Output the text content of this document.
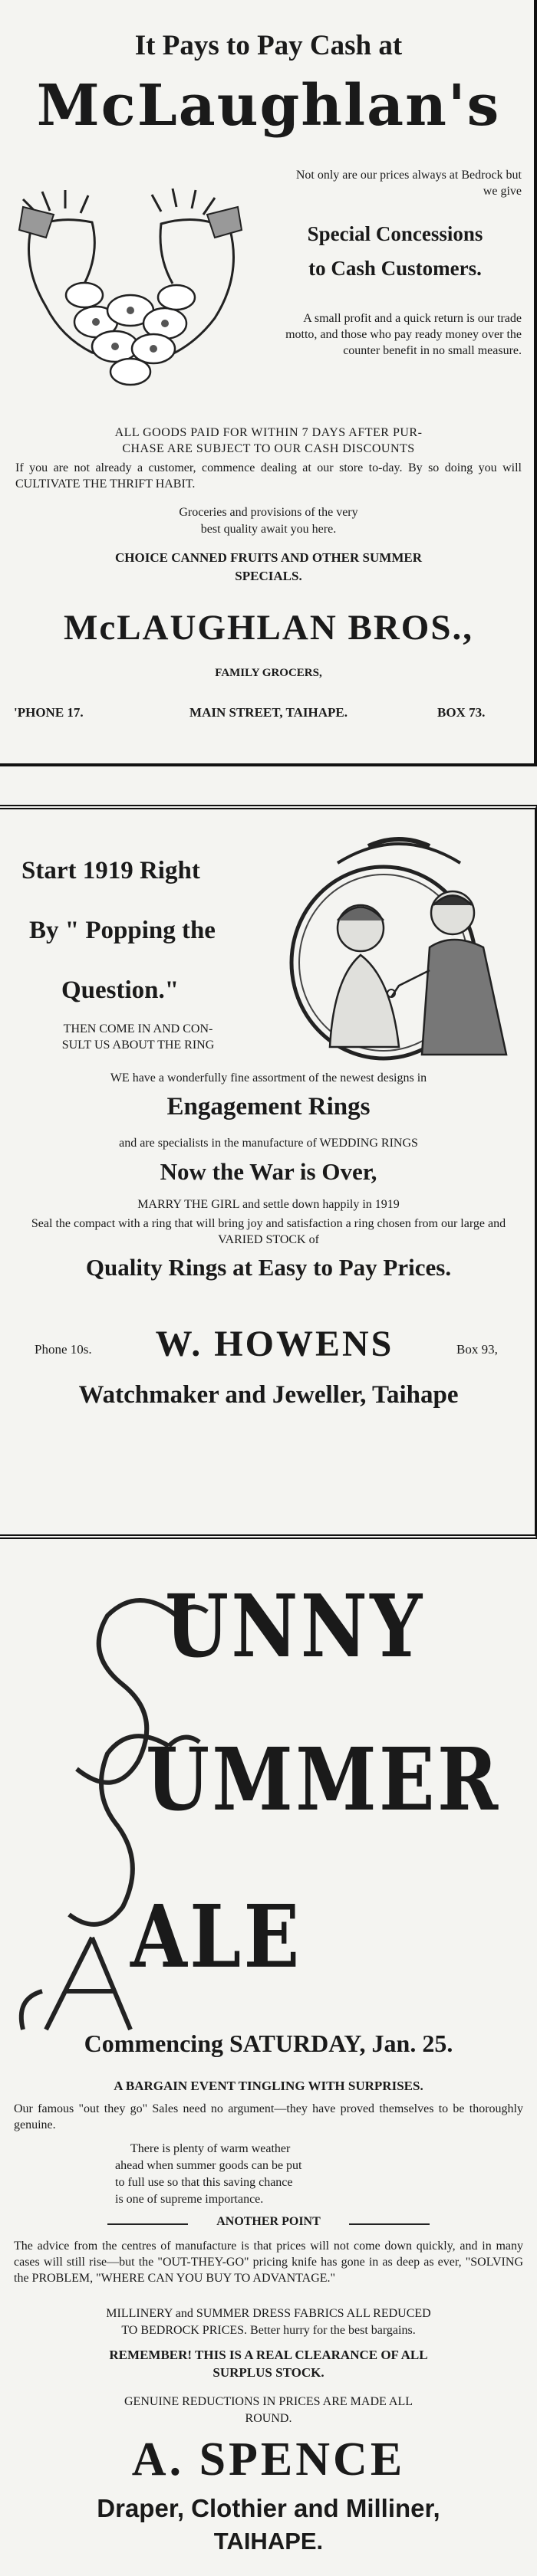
It Pays to Pay Cash at
McLaughlan's
Not only are our prices always at Bedrock but we give
Special Concessions
to Cash Customers.
A small profit and a quick return is our trade motto, and those who pay ready money over the counter benefit in no small measure.
ALL GOODS PAID FOR WITHIN 7 DAYS AFTER PUR-
CHASE ARE SUBJECT TO OUR CASH DISCOUNTS
If you are not already a customer, commence dealing at our store to-day. By so doing you will CULTIVATE THE THRIFT HABIT.
Groceries and provisions of the very
best quality await you here.
CHOICE CANNED FRUITS AND OTHER SUMMER
SPECIALS.
McLAUGHLAN BROS.,
FAMILY GROCERS,
'PHONE 17.	MAIN STREET, TAIHAPE.	BOX 73.
Start 1919 Right
By " Popping the
Question."
THEN COME IN AND CON-
SULT US ABOUT THE RING
WE have a wonderfully fine assortment of the newest designs in
Engagement Rings
and are specialists in the manufacture of WEDDING RINGS
Now the War is Over,
MARRY THE GIRL and settle down happily in 1919
Seal the compact with a ring that will bring joy and satisfaction a ring chosen from our large and VARIED STOCK of
Quality Rings at Easy to Pay Prices.
Phone 10s.	W. HOWENS	Box 93,
Watchmaker and Jeweller, Taihape
UNNY
UMMER
ALE
Commencing SATURDAY, Jan. 25.
A BARGAIN EVENT TINGLING WITH SURPRISES.
Our famous "out they go" Sales need no argument—they have proved themselves to be thoroughly genuine.
There is plenty of warm weather
ahead when summer goods can be put
to full use so that this saving chance
is one of supreme importance.
ANOTHER POINT
The advice from the centres of manufacture is that prices will not come down quickly, and in many cases will still rise—but the "OUT-THEY-GO" pricing knife has gone in as deep as ever, "SOLVING the PROBLEM, "WHERE CAN YOU BUY TO ADVANTAGE."
MILLINERY and SUMMER DRESS FABRICS ALL REDUCED
TO BEDROCK PRICES. Better hurry for the best bargains.
REMEMBER! THIS IS A REAL CLEARANCE OF ALL
SURPLUS STOCK.
GENUINE REDUCTIONS IN PRICES ARE MADE ALL
ROUND.
A. SPENCE
Draper, Clothier and Milliner,
TAIHAPE.
